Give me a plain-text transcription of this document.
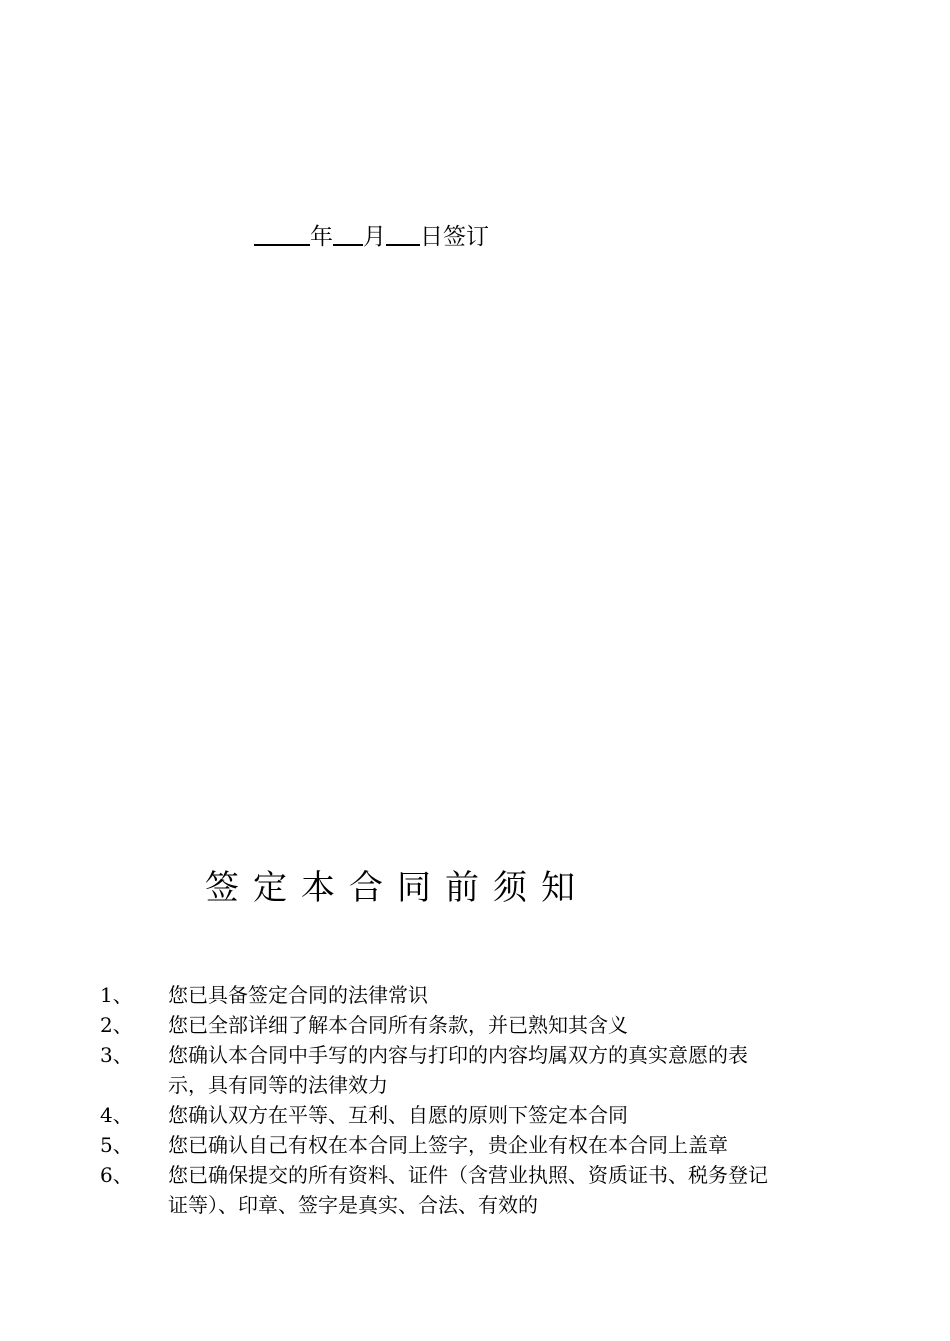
年 月 日签订
签定本合同前须知
1、	您已具备签定合同的法律常识
2、	您已全部详细了解本合同所有条款，并已熟知其含义
3、	您确认本合同中手写的内容与打印的内容均属双方的真实意愿的表示，具有同等的法律效力
4、	您确认双方在平等、互利、自愿的原则下签定本合同
5、	您已确认自己有权在本合同上签字，贵企业有权在本合同上盖章
6、	您已确保提交的所有资料、证件（含营业执照、资质证书、税务登记证等）、印章、签字是真实、合法、有效的
